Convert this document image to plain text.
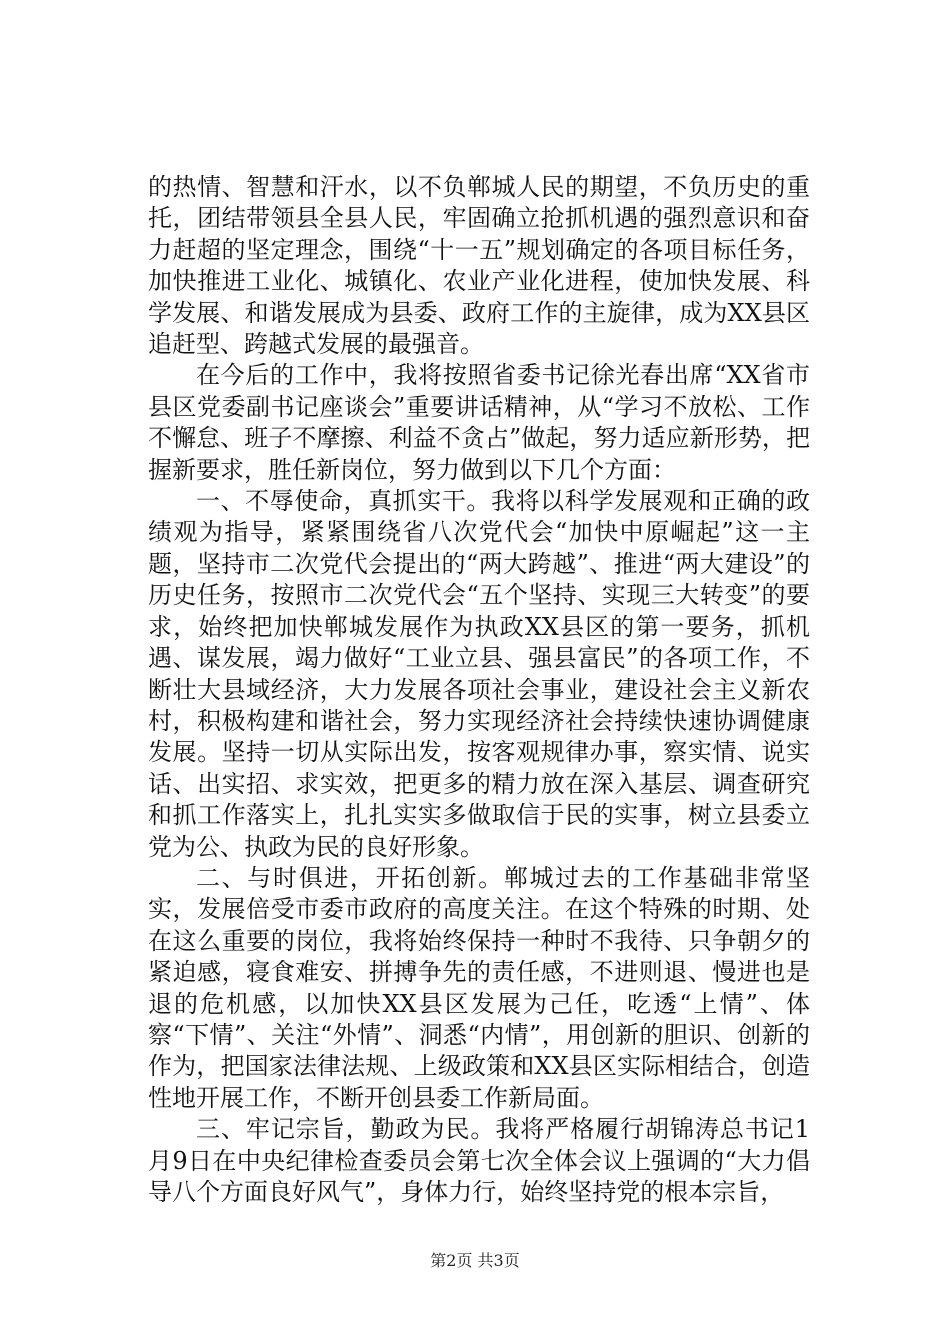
的热情、智慧和汗水，以不负郸城人民的期望，不负历史的重托，团结带领县全县人民，牢固确立抢抓机遇的强烈意识和奋力赶超的坚定理念，围绕“十一五”规划确定的各项目标任务，加快推进工业化、城镇化、农业产业化进程，使加快发展、科学发展、和谐发展成为县委、政府工作的主旋律，成为XX县区追赶型、跨越式发展的最强音。

在今后的工作中，我将按照省委书记徐光春出席“XX省市县区党委副书记座谈会”重要讲话精神，从“学习不放松、工作不懈怠、班子不摩擦、利益不贪占”做起，努力适应新形势，把握新要求，胜任新岗位，努力做到以下几个方面：

一、不辱使命，真抓实干。我将以科学发展观和正确的政绩观为指导，紧紧围绕省八次党代会“加快中原崛起”这一主题，坚持市二次党代会提出的“两大跨越”、推进“两大建设”的历史任务，按照市二次党代会“五个坚持、实现三大转变”的要求，始终把加快郸城发展作为执政XX县区的第一要务，抓机遇、谋发展，竭力做好“工业立县、强县富民”的各项工作，不断壮大县域经济，大力发展各项社会事业，建设社会主义新农村，积极构建和谐社会，努力实现经济社会持续快速协调健康发展。坚持一切从实际出发，按客观规律办事，察实情、说实话、出实招、求实效，把更多的精力放在深入基层、调查研究和抓工作落实上，扎扎实实多做取信于民的实事，树立县委立党为公、执政为民的良好形象。

二、与时俱进，开拓创新。郸城过去的工作基础非常坚实，发展倍受市委市政府的高度关注。在这个特殊的时期、处在这么重要的岗位，我将始终保持一种时不我待、只争朝夕的紧迫感，寝食难安、拼搏争先的责任感，不进则退、慢进也是退的危机感，以加快XX县区发展为己任，吃透“上情”、体察“下情”、关注“外情”、洞悉“内情”，用创新的胆识、创新的作为，把国家法律法规、上级政策和XX县区实际相结合，创造性地开展工作，不断开创县委工作新局面。

三、牢记宗旨，勤政为民。我将严格履行胡锦涛总书记1月9日在中央纪律检查委员会第七次全体会议上强调的“大力倡导八个方面良好风气”，身体力行，始终坚持党的根本宗旨，

第2页 共3页
